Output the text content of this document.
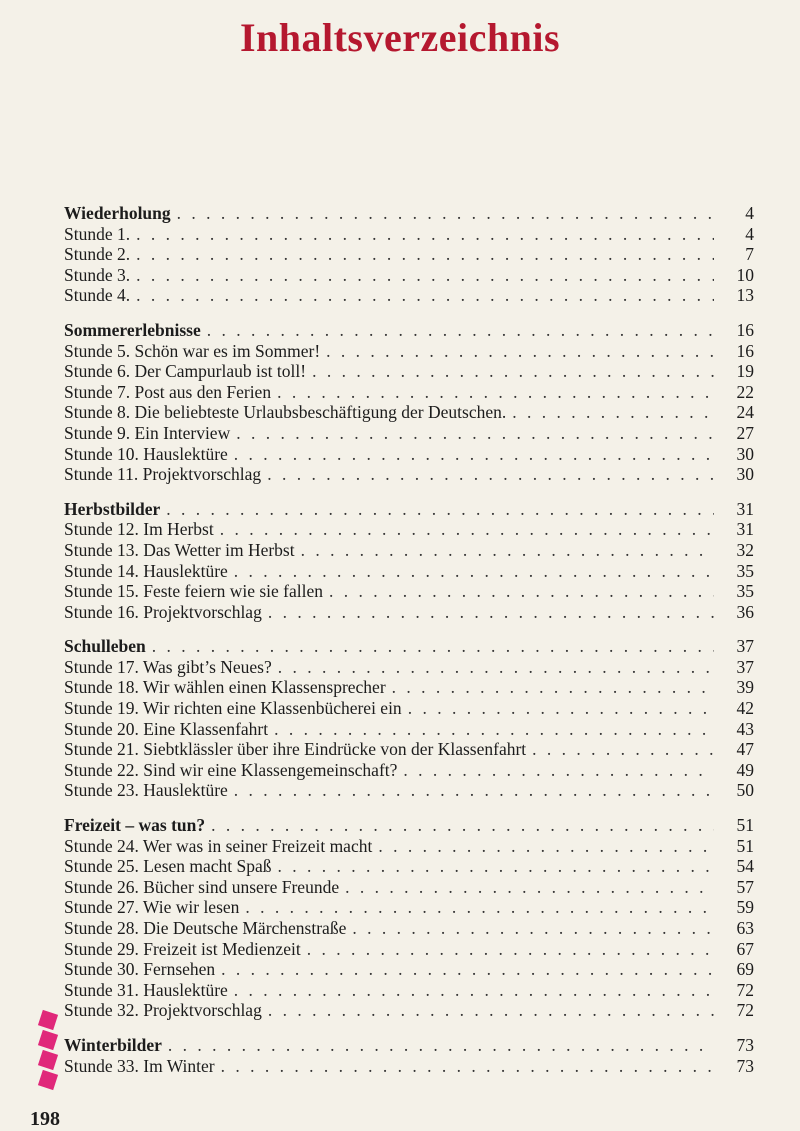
Inhaltsverzeichnis
Wiederholung . . .	4
Stunde 1. . . .	4
Stunde 2. . . .	7
Stunde 3. . . .	10
Stunde 4. . . .	13
Sommererlebnisse . . .	16
Stunde 5. Schön war es im Sommer! . . .	16
Stunde 6. Der Campurlaub ist toll! . . .	19
Stunde 7. Post aus den Ferien . . .	22
Stunde 8. Die beliebteste Urlaubsbeschäftigung der Deutschen. . . .	24
Stunde 9. Ein Interview . . .	27
Stunde 10. Hauslektüre . . .	30
Stunde 11. Projektvorschlag . . .	30
Herbstbilder . . .	31
Stunde 12. Im Herbst . . .	31
Stunde 13. Das Wetter im Herbst . . .	32
Stunde 14. Hauslektüre . . .	35
Stunde 15. Feste feiern wie sie fallen . . .	35
Stunde 16. Projektvorschlag . . .	36
Schulleben . . .	37
Stunde 17. Was gibt’s Neues? . . .	37
Stunde 18. Wir wählen einen Klassensprecher . . .	39
Stunde 19. Wir richten eine Klassenbücherei ein . . .	42
Stunde 20. Eine Klassenfahrt . . .	43
Stunde 21. Siebtklässler über ihre Eindrücke von der Klassenfahrt . . .	47
Stunde 22. Sind wir eine Klassengemeinschaft? . . .	49
Stunde 23. Hauslektüre . . .	50
Freizeit – was tun? . . .	51
Stunde 24. Wer was in seiner Freizeit macht . . .	51
Stunde 25. Lesen macht Spaß . . .	54
Stunde 26. Bücher sind unsere Freunde . . .	57
Stunde 27. Wie wir lesen . . .	59
Stunde 28. Die Deutsche Märchenstraße . . .	63
Stunde 29. Freizeit ist Medienzeit . . .	67
Stunde 30. Fernsehen . . .	69
Stunde 31. Hauslektüre . . .	72
Stunde 32. Projektvorschlag . . .	72
Winterbilder . . .	73
Stunde 33. Im Winter . . .	73
198
